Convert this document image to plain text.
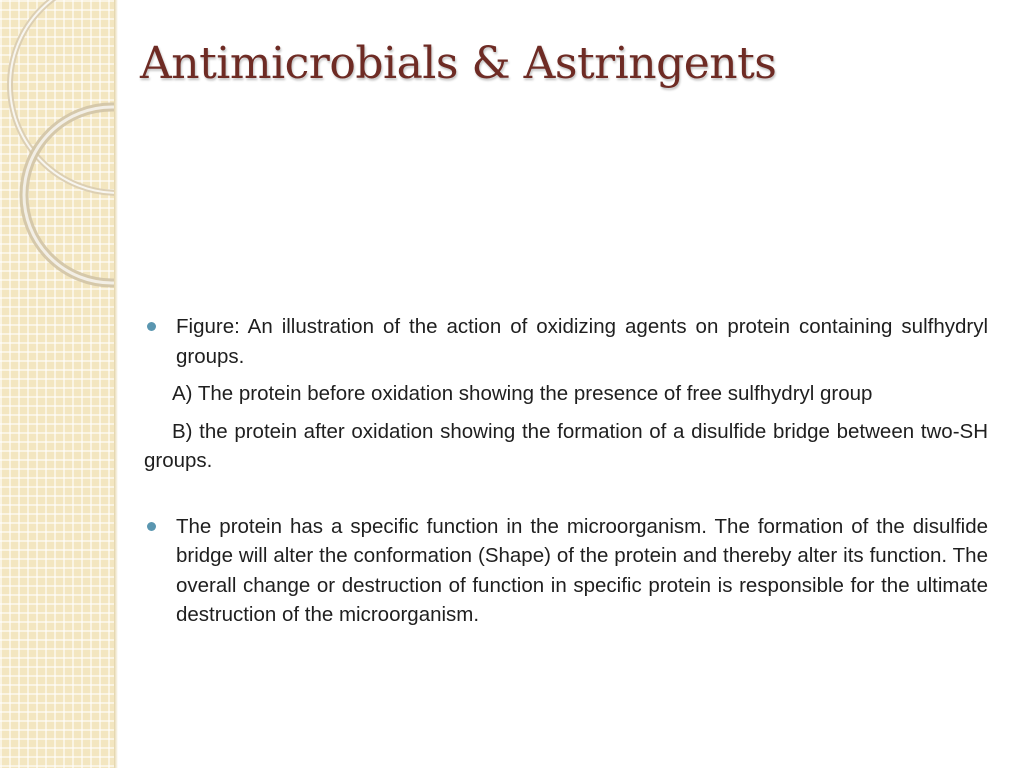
Antimicrobials & Astringents
Figure: An illustration of the action of oxidizing agents on protein containing sulfhydryl groups.
A) The protein before oxidation showing the presence of free sulfhydryl group
B) the protein after oxidation showing the formation of a disulfide bridge between two-SH groups.
The protein has a specific function in the microorganism. The formation of the disulfide bridge will alter the conformation (Shape) of the protein and thereby alter its function. The overall change or destruction of function in specific protein is responsible for the ultimate destruction of the microorganism.
